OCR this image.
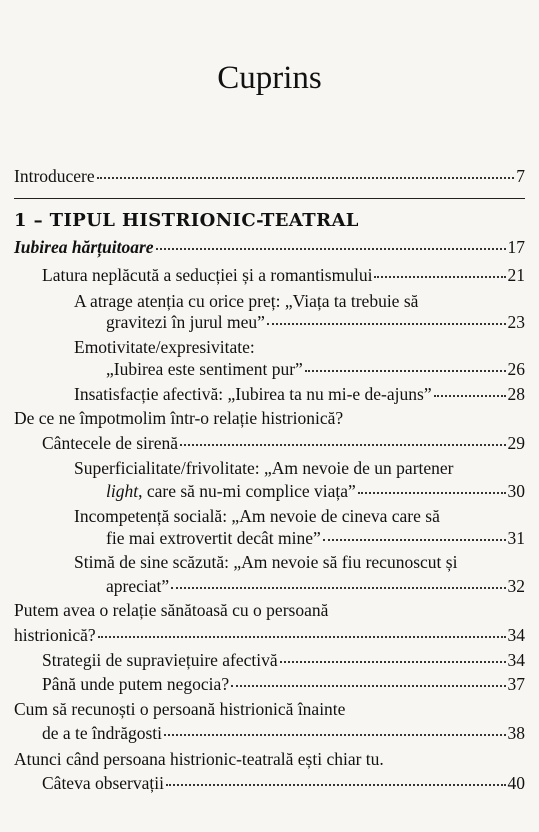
Cuprins
Introducere	7
1 – TIPUL HISTRIONIC-TEATRAL
Iubirea hărțuitoare	17
Latura neplăcută a seducției și a romantismului	21
A atrage atenția cu orice preț: „Viața ta trebuie să
gravitezi în jurul meu”	23
Emotivitate/expresivitate:
„Iubirea este sentiment pur”	26
Insatisfacție afectivă: „Iubirea ta nu mi-e de-ajuns”	28
De ce ne împotmolim într-o relație histrionică?
Cântecele de sirenă	29
Superficialitate/frivolitate: „Am nevoie de un partener
light, care să nu-mi complice viața”	30
Incompetență socială: „Am nevoie de cineva care să
fie mai extrovertit decât mine”	31
Stimă de sine scăzută: „Am nevoie să fiu recunoscut și
apreciat”	32
Putem avea o relație sănătoasă cu o persoană
histrionică?	34
Strategii de supraviețuire afectivă	34
Până unde putem negocia?	37
Cum să recunoști o persoană histrionică înainte
de a te îndrăgosti	38
Atunci când persoana histrionic-teatrală ești chiar tu.
Câteva observații	40
